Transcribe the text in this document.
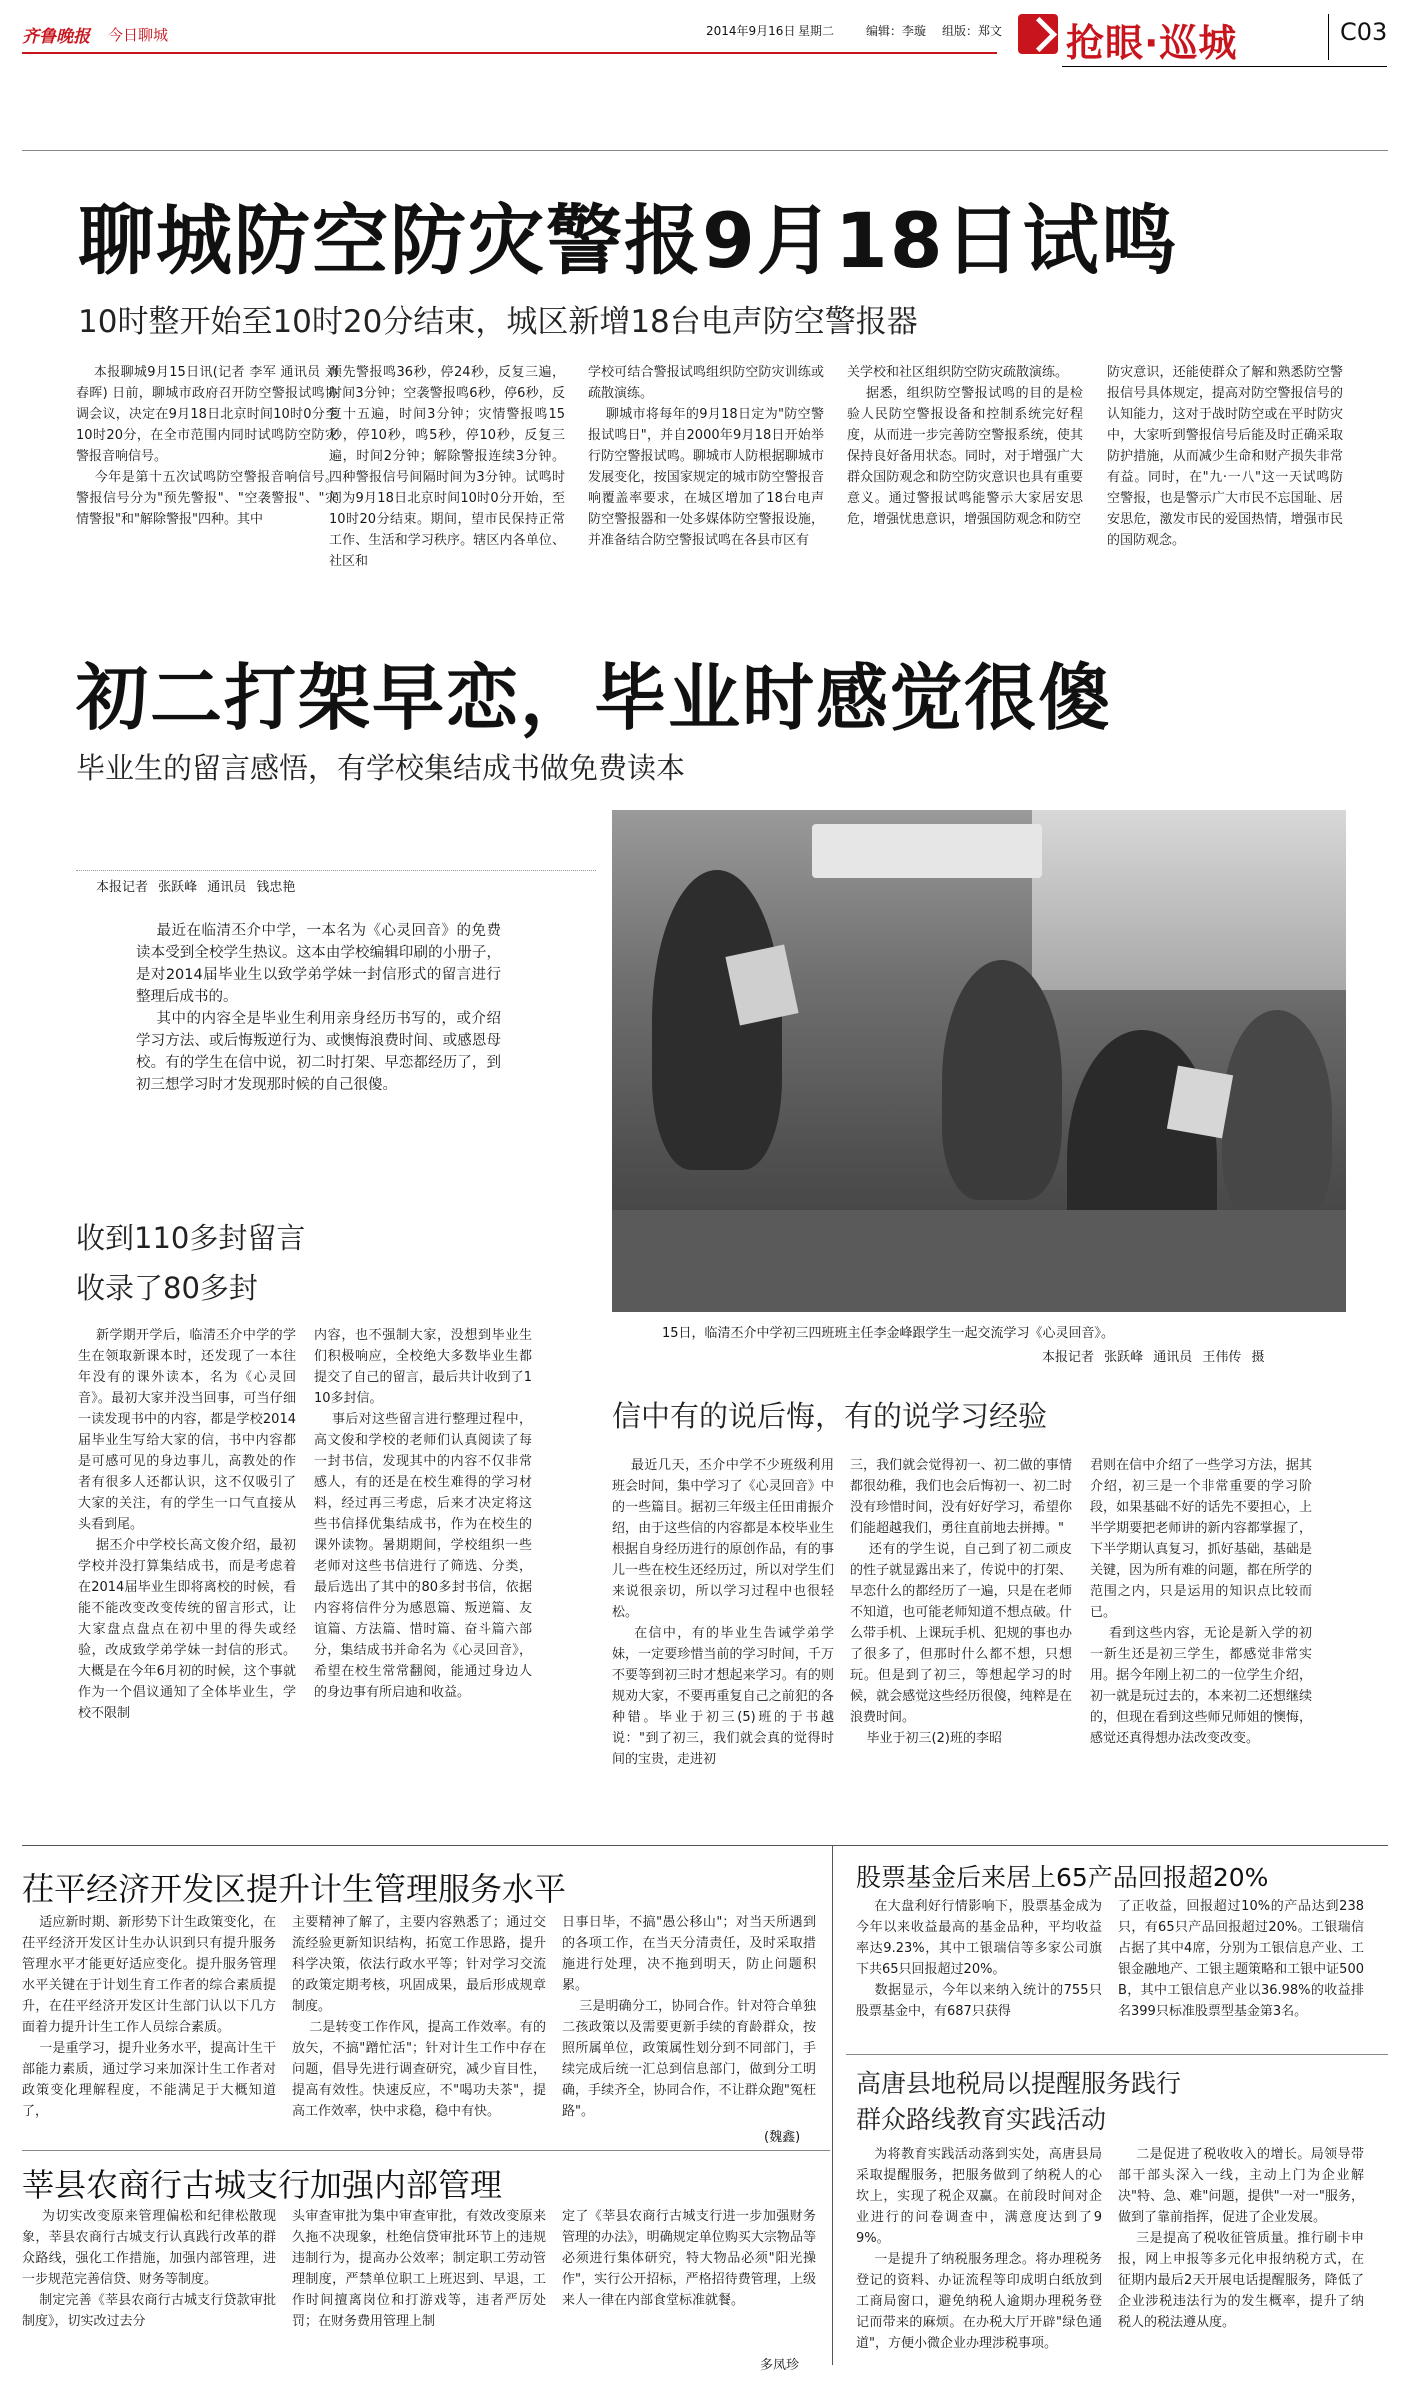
齐鲁晚报 今日聊城	2014年9月16日 星期二	编辑：李璇 组版：郑文 抢眼·巡城	C03
聊城防空防灾警报9月18日试鸣
10时整开始至10时20分结束，城区新增18台电声防空警报器
本报聊城9月15日讯(记者 李军 通讯员 刘春晖) 日前，聊城市政府召开防空警报试鸣协调会议，决定在9月18日北京时间10时0分至10时20分，在全市范围内同时试鸣防空防灾警报音响信号。
今年是第十五次试鸣防空警报音响信号。警报信号分为"预先警报"、"空袭警报"、"灾情警报"和"解除警报"四种。其中
预先警报鸣36秒，停24秒，反复三遍，时间3分钟；空袭警报鸣6秒，停6秒，反复十五遍，时间3分钟；灾情警报鸣15秒，停10秒，鸣5秒，停10秒，反复三遍，时间2分钟；解除警报连续3分钟。四种警报信号间隔时间为3分钟。试鸣时间为9月18日北京时间10时0分开始，至10时20分结束。期间，望市民保持正常工作、生活和学习秩序。辖区内各单位、社区和
学校可结合警报试鸣组织防空防灾训练或疏散演练。
聊城市将每年的9月18日定为"防空警报试鸣日"，并自2000年9月18日开始举行防空警报试鸣。聊城市人防根据聊城市发展变化，按国家规定的城市防空警报音响覆盖率要求，在城区增加了18台电声防空警报器和一处多媒体防空警报设施，并准备结合防空警报试鸣在各县市区有
关学校和社区组织防空防灾疏散演练。
据悉，组织防空警报试鸣的目的是检验人民防空警报设备和控制系统完好程度，从而进一步完善防空警报系统，使其保持良好备用状态。同时，对于增强广大群众国防观念和防空防灾意识也具有重要意义。通过警报试鸣能警示大家居安思危，增强忧患意识，增强国防观念和防空
防灾意识，还能使群众了解和熟悉防空警报信号具体规定，提高对防空警报信号的认知能力，这对于战时防空或在平时防灾中，大家听到警报信号后能及时正确采取防护措施，从而减少生命和财产损失非常有益。同时，在"九·一八"这一天试鸣防空警报，也是警示广大市民不忘国耻、居安思危，激发市民的爱国热情，增强市民的国防观念。
初二打架早恋，毕业时感觉很傻
毕业生的留言感悟，有学校集结成书做免费读本
本报记者 张跃峰 通讯员 钱忠艳
最近在临清丕介中学，一本名为《心灵回音》的免费读本受到全校学生热议。这本由学校编辑印刷的小册子，是对2014届毕业生以致学弟学妹一封信形式的留言进行整理后成书的。
其中的内容全是毕业生利用亲身经历书写的，或介绍学习方法、或后悔叛逆行为、或懊悔浪费时间、或感恩母校。有的学生在信中说，初二时打架、早恋都经历了，到初三想学习时才发现那时候的自己很傻。
15日，临清丕介中学初三四班班主任李金峰跟学生一起交流学习《心灵回音》。
本报记者 张跃峰 通讯员 王伟传 摄
收到110多封留言
收录了80多封
新学期开学后，临清丕介中学的学生在领取新课本时，还发现了一本往年没有的课外读本，名为《心灵回音》。最初大家并没当回事，可当仔细一读发现书中的内容，都是学校2014届毕业生写给大家的信，书中内容都是可感可见的身边事儿，高教处的作者有很多人还都认识，这不仅吸引了大家的关注，有的学生一口气直接从头看到尾。
据丕介中学校长高文俊介绍，最初学校并没打算集结成书，而是考虑着在2014届毕业生即将离校的时候，看能不能改变改变传统的留言形式，让大家盘点盘点在初中里的得失或经验，改成致学弟学妹一封信的形式。大概是在今年6月初的时候，这个事就作为一个倡议通知了全体毕业生，学校不限制
内容，也不强制大家，没想到毕业生们积极响应，全校绝大多数毕业生都提交了自己的留言，最后共计收到了110多封信。
事后对这些留言进行整理过程中，高文俊和学校的老师们认真阅读了每一封书信，发现其中的内容不仅非常感人，有的还是在校生难得的学习材料，经过再三考虑，后来才决定将这些书信择优集结成书，作为在校生的课外读物。暑期期间，学校组织一些老师对这些书信进行了筛选、分类，最后选出了其中的80多封书信，依据内容将信件分为感恩篇、叛逆篇、友谊篇、方法篇、惜时篇、奋斗篇六部分，集结成书并命名为《心灵回音》，希望在校生常常翻阅，能通过身边人的身边事有所启迪和收益。
信中有的说后悔，有的说学习经验
最近几天，丕介中学不少班级利用班会时间，集中学习了《心灵回音》中的一些篇目。据初三年级主任田甫振介绍，由于这些信的内容都是本校毕业生根据自身经历进行的原创作品，有的事儿一些在校生还经历过，所以对学生们来说很亲切，所以学习过程中也很轻松。
在信中，有的毕业生告诫学弟学妹，一定要珍惜当前的学习时间，千万不要等到初三时才想起来学习。有的则规劝大家，不要再重复自己之前犯的各种错。毕业于初三(5)班的于书越说："到了初三，我们就会真的觉得时间的宝贵，走进初
三，我们就会觉得初一、初二做的事情都很幼稚，我们也会后悔初一、初二时没有珍惜时间，没有好好学习，希望你们能超越我们，勇往直前地去拼搏。"
还有的学生说，自己到了初二顽皮的性子就显露出来了，传说中的打架、早恋什么的都经历了一遍，只是在老师不知道，也可能老师知道不想点破。什么带手机、上课玩手机、犯规的事也办了很多了，但那时什么都不想，只想玩。但是到了初三，等想起学习的时候，就会感觉这些经历很傻，纯粹是在浪费时间。
毕业于初三(2)班的李昭
君则在信中介绍了一些学习方法，据其介绍，初三是一个非常重要的学习阶段，如果基础不好的话先不要担心，上半学期要把老师讲的新内容都掌握了，下半学期认真复习，抓好基础，基础是关键，因为所有难的问题，都在所学的范围之内，只是运用的知识点比较而已。
看到这些内容，无论是新入学的初一新生还是初三学生，都感觉非常实用。据今年刚上初二的一位学生介绍，初一就是玩过去的，本来初二还想继续的，但现在看到这些师兄师姐的懊悔，感觉还真得想办法改变改变。
茌平经济开发区提升计生管理服务水平
适应新时期、新形势下计生政策变化，在茌平经济开发区计生办认识到只有提升服务管理水平才能更好适应变化。提升服务管理水平关键在于计划生育工作者的综合素质提升，在茌平经济开发区计生部门认以下几方面着力提升计生工作人员综合素质。
一是重学习，提升业务水平，提高计生干部能力素质，通过学习来加深计生工作者对政策变化理解程度，不能满足于大概知道了，
主要精神了解了，主要内容熟悉了；通过交流经验更新知识结构，拓宽工作思路，提升科学决策，依法行政水平等；针对学习交流的政策定期考核，巩固成果，最后形成规章制度。
二是转变工作作风，提高工作效率。有的放矢，不搞"蹭忙活"；针对计生工作中存在问题，倡导先进行调查研究，减少盲目性，提高有效性。快速反应，不"喝功夫茶"，提高工作效率，快中求稳，稳中有快。
日事日毕，不搞"愚公移山"；对当天所遇到的各项工作，在当天分清责任，及时采取措施进行处理，决不拖到明天，防止问题积累。
三是明确分工，协同合作。针对符合单独二孩政策以及需要更新手续的育龄群众，按照所属单位，政策属性划分到不同部门，手续完成后统一汇总到信息部门，做到分工明确，手续齐全，协同合作，不让群众跑"冤枉路"。
(魏鑫)
莘县农商行古城支行加强内部管理
为切实改变原来管理偏松和纪律松散现象，莘县农商行古城支行认真践行改革的群众路线，强化工作措施，加强内部管理，进一步规范完善信贷、财务等制度。
制定完善《莘县农商行古城支行贷款审批制度》，切实改过去分
头审查审批为集中审查审批，有效改变原来久拖不决现象，杜绝信贷审批环节上的违规违制行为，提高办公效率；制定职工劳动管理制度，严禁单位职工上班迟到、早退，工作时间擅离岗位和打游戏等，违者严厉处罚；在财务费用管理上制
定了《莘县农商行古城支行进一步加强财务管理的办法》，明确规定单位购买大宗物品等必须进行集体研究，特大物品必须"阳光操作"，实行公开招标，严格招待费管理，上级来人一律在内部食堂标准就餐。
多凤珍
股票基金后来居上65产品回报超20%
在大盘利好行情影响下，股票基金成为今年以来收益最高的基金品种，平均收益率达9.23%，其中工银瑞信等多家公司旗下共65只回报超过20%。
数据显示，今年以来纳入统计的755只股票基金中，有687只获得
了正收益，回报超过10%的产品达到238只，有65只产品回报超过20%。工银瑞信占据了其中4席，分别为工银信息产业、工银金融地产、工银主题策略和工银中证500B，其中工银信息产业以36.98%的收益排名399只标准股票型基金第3名。
高唐县地税局以提醒服务践行
群众路线教育实践活动
为将教育实践活动落到实处，高唐县局采取提醒服务，把服务做到了纳税人的心坎上，实现了税企双赢。在前段时间对企业进行的问卷调查中，满意度达到了99%。
一是提升了纳税服务理念。将办理税务登记的资料、办证流程等印成明白纸放到工商局窗口，避免纳税人逾期办理税务登记而带来的麻烦。在办税大厅开辟"绿色通道"，方便小微企业办理涉税事项。
二是促进了税收收入的增长。局领导带部干部头深入一线，主动上门为企业解决"特、急、难"问题，提供"一对一"服务，做到了靠前指挥，促进了企业发展。
三是提高了税收征管质量。推行刷卡申报，网上申报等多元化申报纳税方式，在征期内最后2天开展电话提醒服务，降低了企业涉税违法行为的发生概率，提升了纳税人的税法遵从度。
